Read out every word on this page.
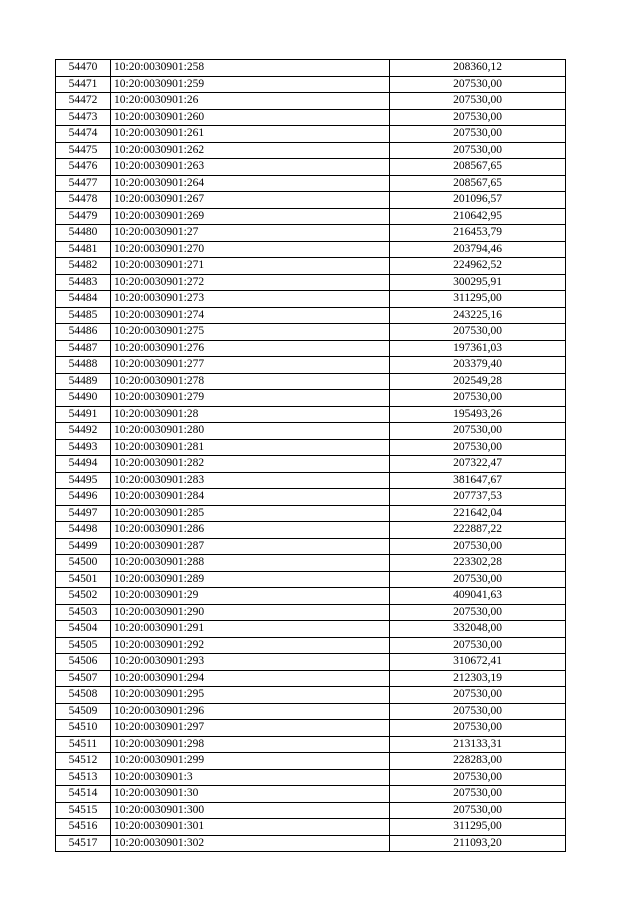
54470	10:20:0030901:258	208360,12
54471	10:20:0030901:259	207530,00
54472	10:20:0030901:26	207530,00
54473	10:20:0030901:260	207530,00
54474	10:20:0030901:261	207530,00
54475	10:20:0030901:262	207530,00
54476	10:20:0030901:263	208567,65
54477	10:20:0030901:264	208567,65
54478	10:20:0030901:267	201096,57
54479	10:20:0030901:269	210642,95
54480	10:20:0030901:27	216453,79
54481	10:20:0030901:270	203794,46
54482	10:20:0030901:271	224962,52
54483	10:20:0030901:272	300295,91
54484	10:20:0030901:273	311295,00
54485	10:20:0030901:274	243225,16
54486	10:20:0030901:275	207530,00
54487	10:20:0030901:276	197361,03
54488	10:20:0030901:277	203379,40
54489	10:20:0030901:278	202549,28
54490	10:20:0030901:279	207530,00
54491	10:20:0030901:28	195493,26
54492	10:20:0030901:280	207530,00
54493	10:20:0030901:281	207530,00
54494	10:20:0030901:282	207322,47
54495	10:20:0030901:283	381647,67
54496	10:20:0030901:284	207737,53
54497	10:20:0030901:285	221642,04
54498	10:20:0030901:286	222887,22
54499	10:20:0030901:287	207530,00
54500	10:20:0030901:288	223302,28
54501	10:20:0030901:289	207530,00
54502	10:20:0030901:29	409041,63
54503	10:20:0030901:290	207530,00
54504	10:20:0030901:291	332048,00
54505	10:20:0030901:292	207530,00
54506	10:20:0030901:293	310672,41
54507	10:20:0030901:294	212303,19
54508	10:20:0030901:295	207530,00
54509	10:20:0030901:296	207530,00
54510	10:20:0030901:297	207530,00
54511	10:20:0030901:298	213133,31
54512	10:20:0030901:299	228283,00
54513	10:20:0030901:3	207530,00
54514	10:20:0030901:30	207530,00
54515	10:20:0030901:300	207530,00
54516	10:20:0030901:301	311295,00
54517	10:20:0030901:302	211093,20
